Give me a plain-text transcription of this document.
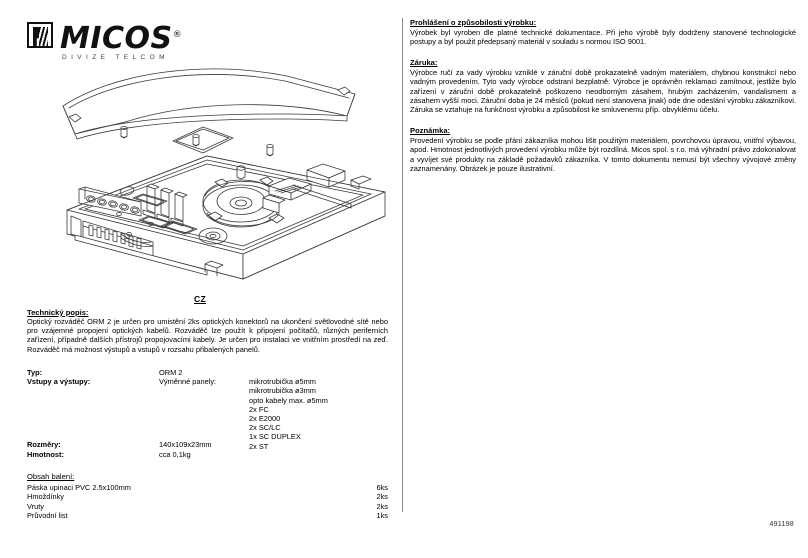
MICOS®
DIVIZE TELCOM
CZ
Technický popis:

Optický rozváděč ORM 2 je určen pro umistění 2ks optických konektorů na ukončení světlovodné sítě nebo pro vzájemné propojení optických kabelů. Rozváděč lze použít k připojení počítačů, různých periferních zařízení, případně dalších přístrojů propojovacími kabely. Je určen pro instalaci ve vnitřním prostředí na zeď. Rozváděč má možnost výstupů a vstupů v rozsahu přibalených panelů.

Typ:	ORM 2
Vstupy a výstupy:	Výměnné panely:	mikrotrubička ø5mm
mikrotrubička ø3mm
opto kabely max. ø5mm
2x FC
2x E2000
2x SC/LC
1x SC DUPLEX
2x ST
Rozměry:	140x109x23mm
Hmotnost:	cca 0,1kg
Obsah balení:
Páska upinaci PVC 2.5x100mm	6ks
Hmoždínky	2ks
Vruty	2ks
Průvodní list	1ks
Prohlášení o způsobilosti výrobku:

Výrobek byl vyroben dle platné technické dokumentace. Při jeho výrobě byly dodrženy stanovené technologické postupy a byl použit předepsaný materiál v souladu s normou ISO 9001.

Záruka:

Výrobce ručí za vady výrobku vzniklé v záruční době prokazatelně vadným materiálem, chybnou konstrukcí nebo vadným provedením. Tyto vady výrobce odstraní bezplatně. Výrobce je oprávněn reklamaci zamítnout, jestliže bylo zařízení v záruční době prokazatelně poškozeno neodborným zásahem, hrubým zacházením, vandalismem a zásahem vyšší moci. Záruční doba je 24 měsíců (pokud není stanovena jinak) ode dne odeslání výrobku zákazníkovi. Záruka se vztahuje na funkčnost výrobku a způsobilost ke smluvenemu příp. obvyklému účelu.

Poznámka:

Provedení výrobku se podle přání zákazníka mohou lišit použitým materiálem, povrchovou úpravou, vnitřní výbavou, apod. Hmotnost jednotlivých provedení výrobku může být rozdílná. Micos spol. s r.o. má výhradní právo zdokonalovat a vyvíjet své produkty na základě požadavků zákazníka. V tomto dokumentu nemusí být všechny vývojové změny zaznamenány. Obrázek je pouze ilustrativní.

491198
